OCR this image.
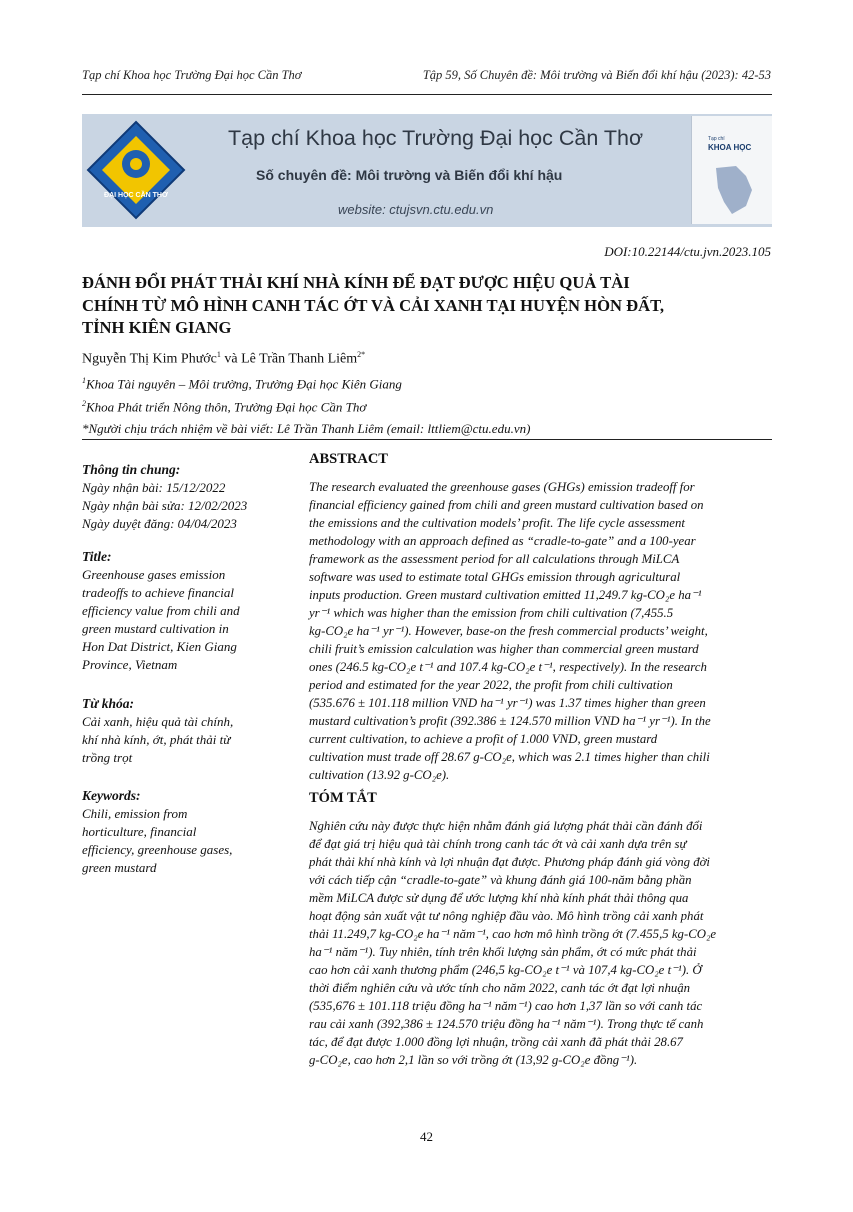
Tạp chí Khoa học Trường Đại học Cần Thơ	Tập 59, Số Chuyên đề: Môi trường và Biến đổi khí hậu (2023): 42-53
ĐẠI HỌC CẦN THƠ
Tạp chí Khoa học Trường Đại học Cần Thơ
Số chuyên đề: Môi trường và Biến đổi khí hậu
website: ctujsvn.ctu.edu.vn
Tạp chí
KHOA HỌC
DOI:10.22144/ctu.jvn.2023.105
ĐÁNH ĐỔI PHÁT THẢI KHÍ NHÀ KÍNH ĐỂ ĐẠT ĐƯỢC HIỆU QUẢ TÀI
CHÍNH TỪ MÔ HÌNH CANH TÁC ỚT VÀ CẢI XANH TẠI HUYỆN HÒN ĐẤT,
TỈNH KIÊN GIANG
Nguyễn Thị Kim Phước$^1$ và Lê Trần Thanh Liêm$^{2*}$
$^1$Khoa Tài nguyên – Môi trường, Trường Đại học Kiên Giang
$^2$Khoa Phát triển Nông thôn, Trường Đại học Cần Thơ
*Người chịu trách nhiệm về bài viết: Lê Trần Thanh Liêm (email: lttliem@ctu.edu.vn)
Thông tin chung:
Ngày nhận bài: 15/12/2022
Ngày nhận bài sửa: 12/02/2023
Ngày duyệt đăng: 04/04/2023
Title:
Greenhouse gases emission
tradeoffs to achieve financial
efficiency value from chili and
green mustard cultivation in
Hon Dat District, Kien Giang
Province, Vietnam
Từ khóa:
Cải xanh, hiệu quả tài chính,
khí nhà kính, ớt, phát thải từ
trồng trọt
Keywords:
Chili, emission from
horticulture, financial
efficiency, greenhouse gases,
green mustard
ABSTRACT
The research evaluated the greenhouse gases (GHGs) emission tradeoff for
financial efficiency gained from chili and green mustard cultivation based on
the emissions and the cultivation models’ profit. The life cycle assessment
methodology with an approach defined as “cradle-to-gate” and a 100-year
framework as the assessment period for all calculations through MiLCA
software was used to estimate total GHGs emission through agricultural
inputs production. Green mustard cultivation emitted 11,249.7 kg-CO₂e ha⁻¹
yr⁻¹ which was higher than the emission from chili cultivation (7,455.5
kg-CO₂e ha⁻¹ yr⁻¹). However, base-on the fresh commercial products’ weight,
chili fruit’s emission calculation was higher than commercial green mustard
ones (246.5 kg-CO₂e t⁻¹ and 107.4 kg-CO₂e t⁻¹, respectively). In the research
period and estimated for the year 2022, the profit from chili cultivation
(535.676 ± 101.118 million VND ha⁻¹ yr⁻¹) was 1.37 times higher than green
mustard cultivation’s profit (392.386 ± 124.570 million VND ha⁻¹ yr⁻¹). In the
current cultivation, to achieve a profit of 1.000 VND, green mustard
cultivation must trade off 28.67 g-CO₂e, which was 2.1 times higher than chili
cultivation (13.92 g-CO₂e).
TÓM TẮT
Nghiên cứu này được thực hiện nhằm đánh giá lượng phát thải cần đánh đổi
để đạt giá trị hiệu quả tài chính trong canh tác ớt và cải xanh dựa trên sự
phát thải khí nhà kính và lợi nhuận đạt được. Phương pháp đánh giá vòng đời
với cách tiếp cận “cradle-to-gate” và khung đánh giá 100-năm bằng phần
mềm MiLCA được sử dụng để ước lượng khí nhà kính phát thải thông qua
hoạt động sản xuất vật tư nông nghiệp đầu vào. Mô hình trồng cải xanh phát
thải 11.249,7 kg-CO₂e ha⁻¹ năm⁻¹, cao hơn mô hình trồng ớt (7.455,5 kg-CO₂e
ha⁻¹ năm⁻¹). Tuy nhiên, tính trên khối lượng sản phẩm, ớt có mức phát thải
cao hơn cải xanh thương phẩm (246,5 kg-CO₂e t⁻¹ và 107,4 kg-CO₂e t⁻¹). Ở
thời điểm nghiên cứu và ước tính cho năm 2022, canh tác ớt đạt lợi nhuận
(535,676 ± 101.118 triệu đồng ha⁻¹ năm⁻¹) cao hơn 1,37 lần so với canh tác
rau cải xanh (392,386 ± 124.570 triệu đồng ha⁻¹ năm⁻¹). Trong thực tế canh
tác, để đạt được 1.000 đồng lợi nhuận, trồng cải xanh đã phát thải 28.67
g-CO₂e, cao hơn 2,1 lần so với trồng ớt (13,92 g-CO₂e đồng⁻¹).
42
